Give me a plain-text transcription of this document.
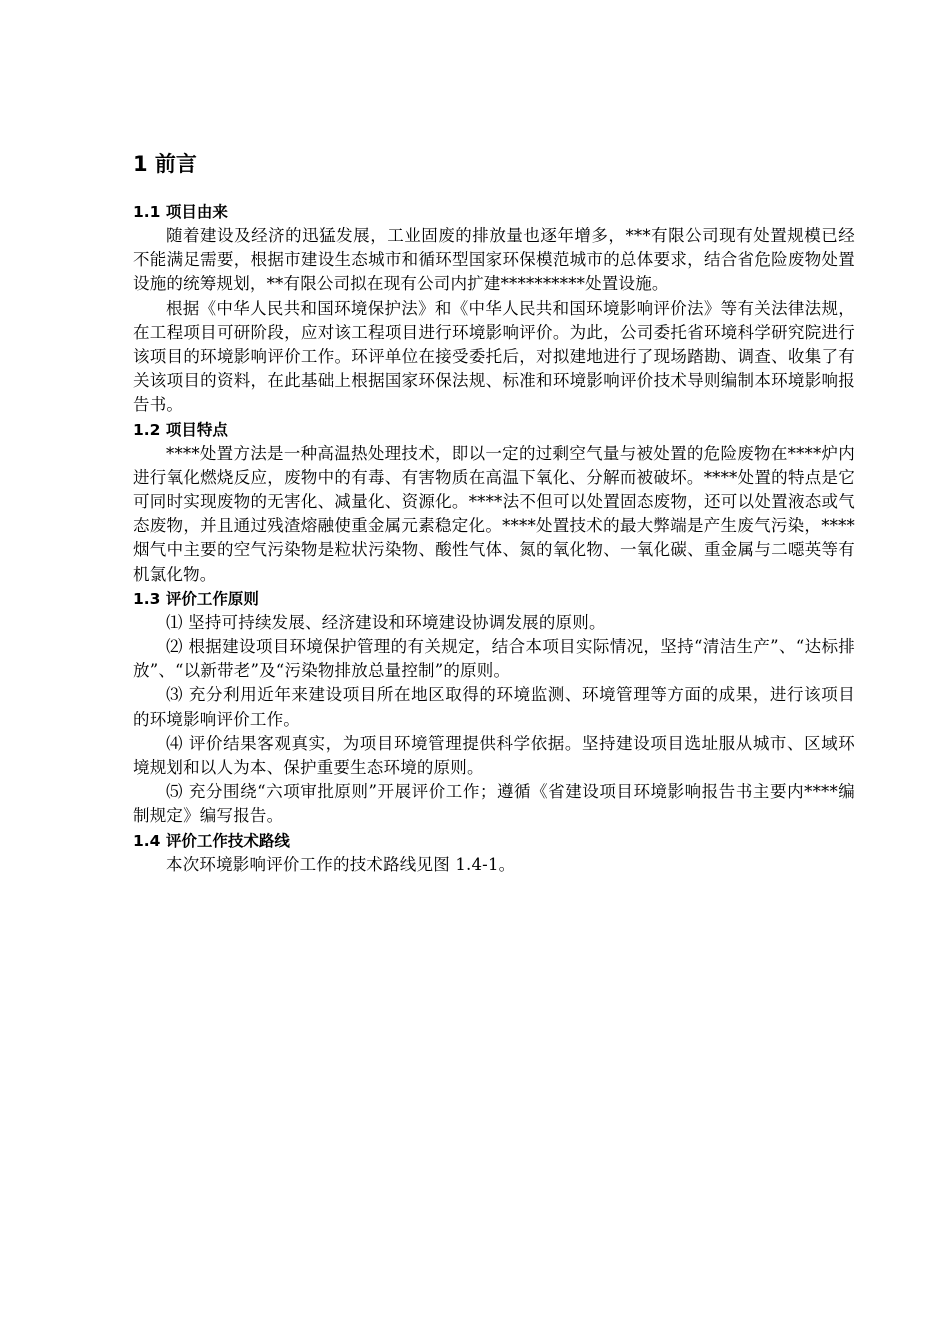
1 前言
1.1 项目由来

随着建设及经济的迅猛发展，工业固废的排放量也逐年增多，***有限公司现有处置规模已经不能满足需要，根据市建设生态城市和循环型国家环保模范城市的总体要求，结合省危险废物处置设施的统筹规划，**有限公司拟在现有公司内扩建**********处置设施。

根据《中华人民共和国环境保护法》和《中华人民共和国环境影响评价法》等有关法律法规，在工程项目可研阶段，应对该工程项目进行环境影响评价。为此，公司委托省环境科学研究院进行该项目的环境影响评价工作。环评单位在接受委托后，对拟建地进行了现场踏勘、调查、收集了有关该项目的资料，在此基础上根据国家环保法规、标准和环境影响评价技术导则编制本环境影响报告书。

1.2 项目特点

****处置方法是一种高温热处理技术，即以一定的过剩空气量与被处置的危险废物在****炉内进行氧化燃烧反应，废物中的有毒、有害物质在高温下氧化、分解而被破坏。****处置的特点是它可同时实现废物的无害化、减量化、资源化。****法不但可以处置固态废物，还可以处置液态或气态废物，并且通过残渣熔融使重金属元素稳定化。****处置技术的最大弊端是产生废气污染，****烟气中主要的空气污染物是粒状污染物、酸性气体、氮的氧化物、一氧化碳、重金属与二噁英等有机氯化物。

1.3 评价工作原则

⑴ 坚持可持续发展、经济建设和环境建设协调发展的原则。

⑵ 根据建设项目环境保护管理的有关规定，结合本项目实际情况，坚持“清洁生产”、“达标排放”、“以新带老”及“污染物排放总量控制”的原则。

⑶ 充分利用近年来建设项目所在地区取得的环境监测、环境管理等方面的成果，进行该项目的环境影响评价工作。

⑷ 评价结果客观真实，为项目环境管理提供科学依据。坚持建设项目选址服从城市、区域环境规划和以人为本、保护重要生态环境的原则。

⑸ 充分围绕“六项审批原则”开展评价工作；遵循《省建设项目环境影响报告书主要内****编制规定》编写报告。

1.4 评价工作技术路线

本次环境影响评价工作的技术路线见图 1.4-1。
